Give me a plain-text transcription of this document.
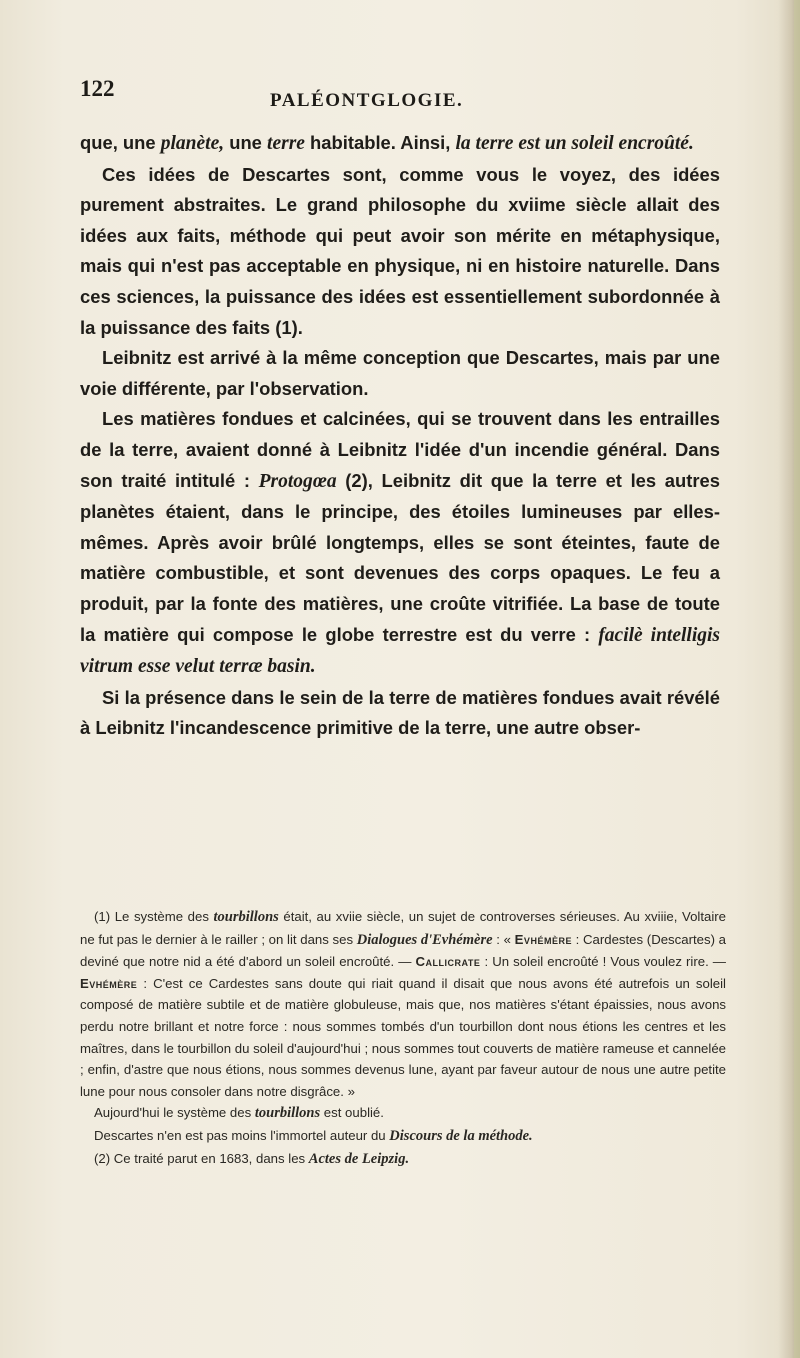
122	PALÉONTGLOGIE.

que, une planète, une terre habitable. Ainsi, la terre est un soleil encroûté.

Ces idées de Descartes sont, comme vous le voyez, des idées purement abstraites. Le grand philosophe du xviime siècle allait des idées aux faits, méthode qui peut avoir son mérite en métaphysique, mais qui n'est pas acceptable en physique, ni en histoire naturelle. Dans ces sciences, la puissance des idées est essentiellement subordonnée à la puissance des faits (1).

Leibnitz est arrivé à la même conception que Descartes, mais par une voie différente, par l'observation.

Les matières fondues et calcinées, qui se trouvent dans les entrailles de la terre, avaient donné à Leibnitz l'idée d'un incendie général. Dans son traité intitulé : Protogœa (2), Leibnitz dit que la terre et les autres planètes étaient, dans le principe, des étoiles lumineuses par elles-mêmes. Après avoir brûlé longtemps, elles se sont éteintes, faute de matière combustible, et sont devenues des corps opaques. Le feu a produit, par la fonte des matières, une croûte vitrifiée. La base de toute la matière qui compose le globe terrestre est du verre : facilè intelligis vitrum esse velut terræ basin.

Si la présence dans le sein de la terre de matières fondues avait révélé à Leibnitz l'incandescence primitive de la terre, une autre obser-

(1) Le système des tourbillons était, au xviie siècle, un sujet de controverses sérieuses. Au xviiie, Voltaire ne fut pas le dernier à le railler ; on lit dans ses Dialogues d'Evhémère : « Evhémère : Cardestes (Descartes) a deviné que notre nid a été d'abord un soleil encroûté. — Callicrate : Un soleil encroûté ! Vous voulez rire. — Evhémère : C'est ce Cardestes sans doute qui riait quand il disait que nous avons été autrefois un soleil composé de matière subtile et de matière globuleuse, mais que, nos matières s'étant épaissies, nous avons perdu notre brillant et notre force : nous sommes tombés d'un tourbillon dont nous étions les centres et les maîtres, dans le tourbillon du soleil d'aujourd'hui ; nous sommes tout couverts de matière rameuse et cannelée ; enfin, d'astre que nous étions, nous sommes devenus lune, ayant par faveur autour de nous une autre petite lune pour nous consoler dans notre disgrâce. »

Aujourd'hui le système des tourbillons est oublié.

Descartes n'en est pas moins l'immortel auteur du Discours de la méthode.

(2) Ce traité parut en 1683, dans les Actes de Leipzig.
